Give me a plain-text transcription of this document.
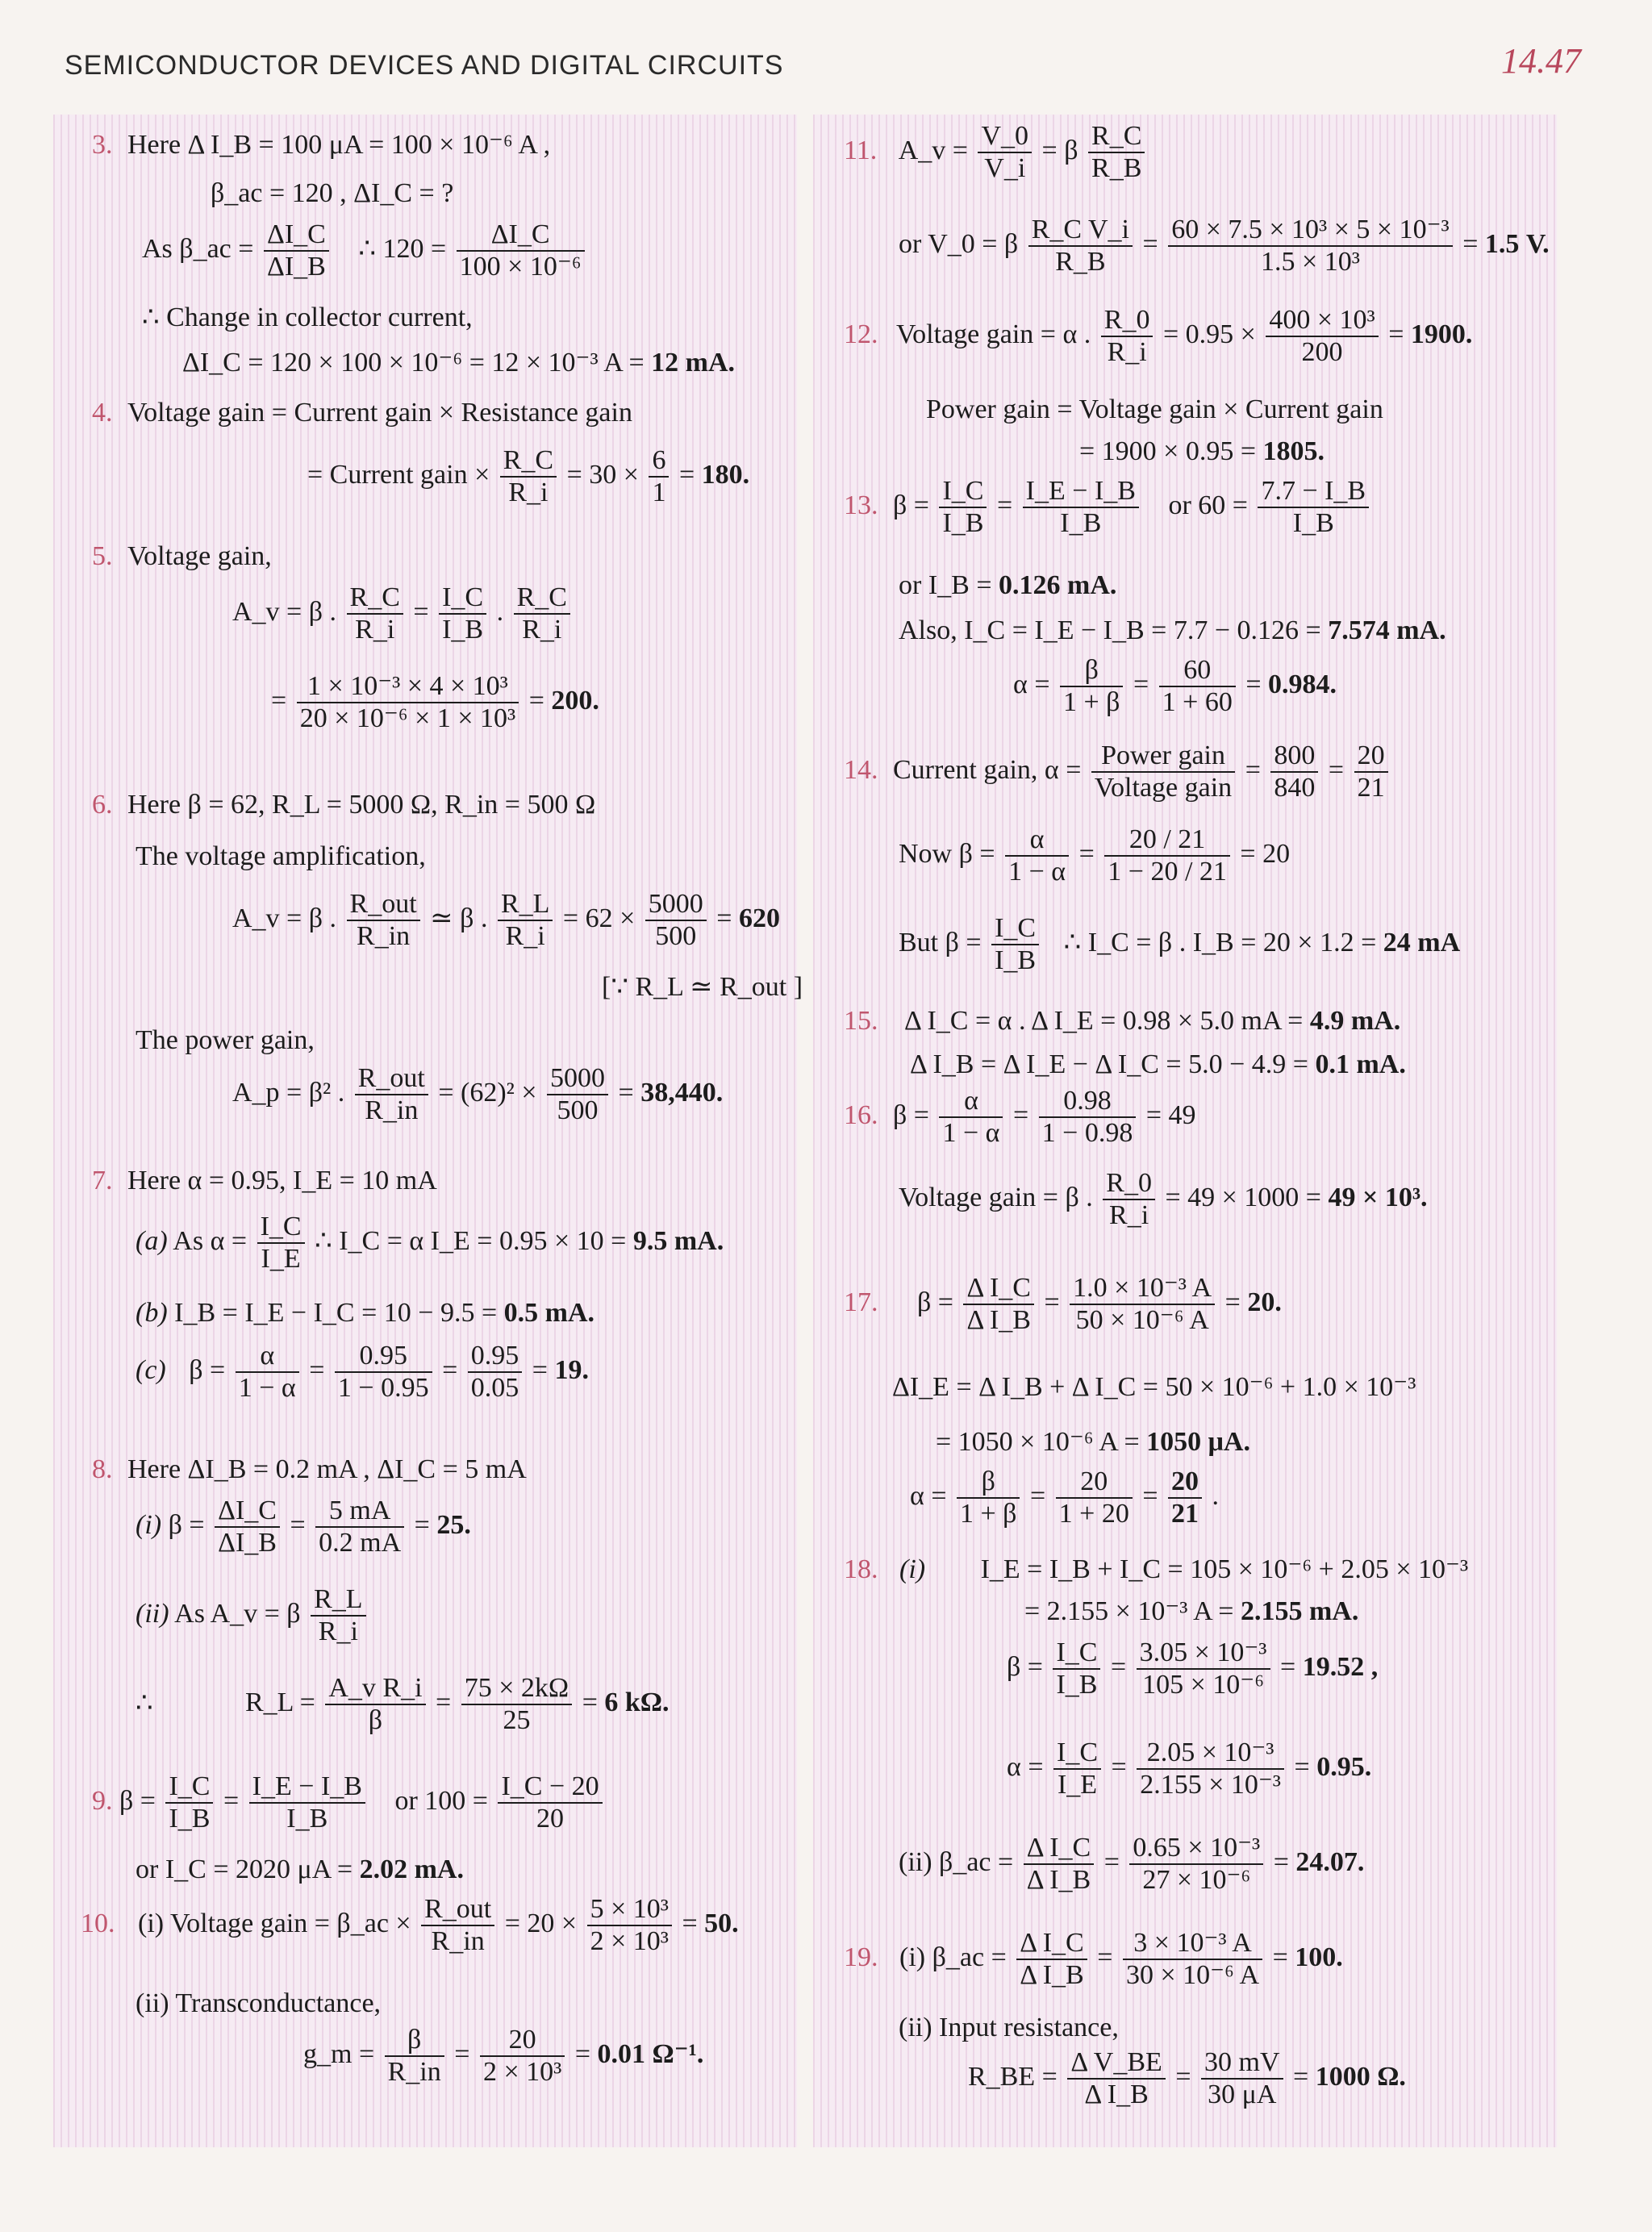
SEMICONDUCTOR DEVICES AND DIGITAL CIRCUITS	14.47
3. Here Δ I_B = 100 μA = 100 × 10⁻⁶ A ,
β_ac = 120 , ΔI_C = ?
As β_ac = $\frac{\Delta I\_C}{\Delta I\_B}$ ∴ $120 = \frac{\Delta I\_C}{\text{100 × 10⁻⁶}}$
∴ Change in collector current,
ΔI_C = 120 × 100 × 10⁻⁶ = 12 × 10⁻³ A = 12 mA.
4. Voltage gain = Current gain × Resistance gain
= Current gain × $\frac{R\_C}{R\_i} = 30 \times \frac{6}{1} = 180$.
5. Voltage gain,
A_v = β . $\frac{R\_C}{R\_i} = \frac{I\_C}{I\_B}$ . $\frac{R\_C}{R\_i}$
= $\frac{\text{1 × 10⁻³ × 4 × 10³}}{\text{20 × 10⁻⁶ × 1 × 10³}} = 200$.
6. Here β = 62, R_L = 5000 Ω, R_in = 500 Ω
The voltage amplification,
A_v = β . R_out
R_in
≃ β . $\frac{R\_L}{R\_i} = 62 \times \frac{5000}{500} = 620$
[∵ R_L ≃ R_out ]
The power gain,
A_p = β² . R_out
R_in
= $(62)^2 \times \frac{5000}{500} = 38,440$.
7. Here α = 0.95, I_E = 10 mA
(a) As $\alpha = \frac{I\_C}{I\_E}$ ∴ I_C = α I_E = 0.95 × 10 = 9.5 mA.
(b) I_B = I_E − I_C = 10 − 9.5 = 0.5 mA.
(c) $\beta = \frac{\alpha}{1 - \alpha} = \frac{0.95}{1 - 0.95} = \frac{0.95}{0.05} = 19$.
8. Here ΔI_B = 0.2 mA , ΔI_C = 5 mA
(i) $\beta = \frac{\Delta I\_C}{\Delta I\_B} = \frac{5 mA}{0.2 mA} = 25$.
(ii) As A_v = β $\frac{R\_L}{R\_i}$
∴	R_L = $\frac{\text{A\_v R\_i}}{\beta} = \frac{75 \times 2k\Omega}{25} = 6$ kΩ.
9. $\beta = \frac{I\_C}{I\_B} = \frac{I\_E - I\_B}{I\_B}$ or $100 = \frac{I\_C - 20}{20}$
or I_C = 2020 μA = 2.02 mA.
10. (i) Voltage gain = β_ac × R_out
R_in
= $20 \times \frac{\text{5 × 10³}}{\text{2 × 10³}} = 50$.
(ii) Transconductance,
g_m = $\frac{\beta}{R\_in} = \frac{20}{\text{2 × 10³}} = 0.01$ Ω⁻¹.
11. A_v = $\frac{V\_0}{V\_i} = \beta \frac{R\_C}{R\_B}$
or V_0 = β $\frac{\text{R\_C V\_i}}{R\_B} = \frac{\text{60 × 7.5 × 10³ × 5 × 10⁻³}}{\text{1.5 × 10³}} = 1.5$ V.
12. Voltage gain = α . $\frac{R\_0}{R\_i} = 0.95 \times \frac{\text{400 × 10³}}{200} = 1900$.
Power gain = Voltage gain × Current gain
= 1900 × 0.95 = 1805.
13. $\beta = \frac{I\_C}{I\_B} = \frac{I\_E - I\_B}{I\_B}$ or $60 = \frac{7.7 - I\_B}{I\_B}$
or I_B = 0.126 mA.
Also, I_C = I_E − I_B = 7.7 − 0.126 = 7.574 mA.
$\alpha = \frac{\beta}{1 + \beta} = \frac{60}{1 + 60} = 0.984$.
14. Current gain, α = Power gain
Voltage gain
= $\frac{800}{840} = \frac{20}{21}$
Now $\beta = \frac{\alpha}{1 - \alpha} = \frac{20 / 21}{1 - 20 / 21} = 20$
But $\beta = \frac{I\_C}{I\_B}$ ∴ I_C = β . I_B = 20 × 1.2 = 24 mA
15. Δ I_C = α . Δ I_E = 0.98 × 5.0 mA = 4.9 mA.
Δ I_B = Δ I_E − Δ I_C = 5.0 − 4.9 = 0.1 mA.
16. $\beta = \frac{\alpha}{1 - \alpha} = \frac{0.98}{1 - 0.98} = 49$
Voltage gain = β . $\frac{R\_0}{R\_i} = 49 \times 1000 = 49 \times 10^3$.
17. $\beta = \frac{\text{Δ I\_C}}{\text{Δ I\_B}} = \frac{\text{1.0 × 10⁻³ A}}{\text{50 × 10⁻⁶ A}} = 20$.
ΔI_E = Δ I_B + Δ I_C = 50 × 10⁻⁶ + 1.0 × 10⁻³
= 1050 × 10⁻⁶ A = 1050 μA.
$\alpha = \frac{\beta}{1 + \beta} = \frac{20}{1 + 20} = \frac{20}{21}$ .
18. (i) I_E = I_B + I_C = 105 × 10⁻⁶ + 2.05 × 10⁻³
= 2.155 × 10⁻³ A = 2.155 mA.
$\beta = \frac{I\_C}{I\_B} = \frac{\text{3.05 × 10⁻³}}{\text{105 × 10⁻⁶}} = 19.52$ ,
$\alpha = \frac{I\_C}{I\_E} = \frac{\text{2.05 × 10⁻³}}{\text{2.155 × 10⁻³}} = 0.95$.
(ii) β_ac = $\frac{\text{Δ I\_C}}{\text{Δ I\_B}} = \frac{\text{0.65 × 10⁻³}}{\text{27 × 10⁻⁶}} = 24.07$.
19. (i) β_ac = $\frac{\text{Δ I\_C}}{\text{Δ I\_B}} = \frac{\text{3 × 10⁻³ A}}{\text{30 × 10⁻⁶ A}} = 100$.
(ii) Input resistance,
R_BE = $\frac{\text{Δ V\_BE}}{\text{Δ I\_B}} = \frac{30 mV}{30 \mu A} = 1000$ Ω.
